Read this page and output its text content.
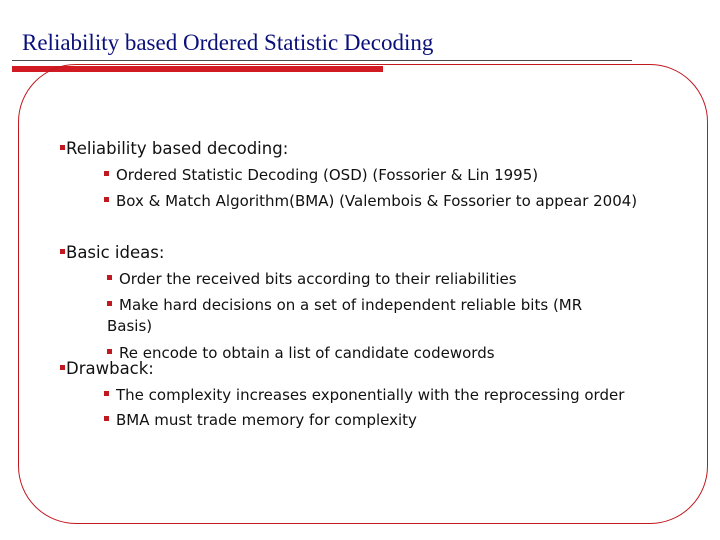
Reliability based Ordered Statistic Decoding
Reliability based decoding:
Ordered Statistic Decoding (OSD) (Fossorier & Lin 1995)
Box & Match Algorithm(BMA) (Valembois & Fossorier to appear 2004)
Basic ideas:
Order the received bits according to their reliabilities
Make hard decisions on a set of independent reliable bits (MR
Basis)
Re encode to obtain a list of candidate codewords
Drawback:
The complexity increases exponentially with the reprocessing order
BMA must trade memory for complexity
